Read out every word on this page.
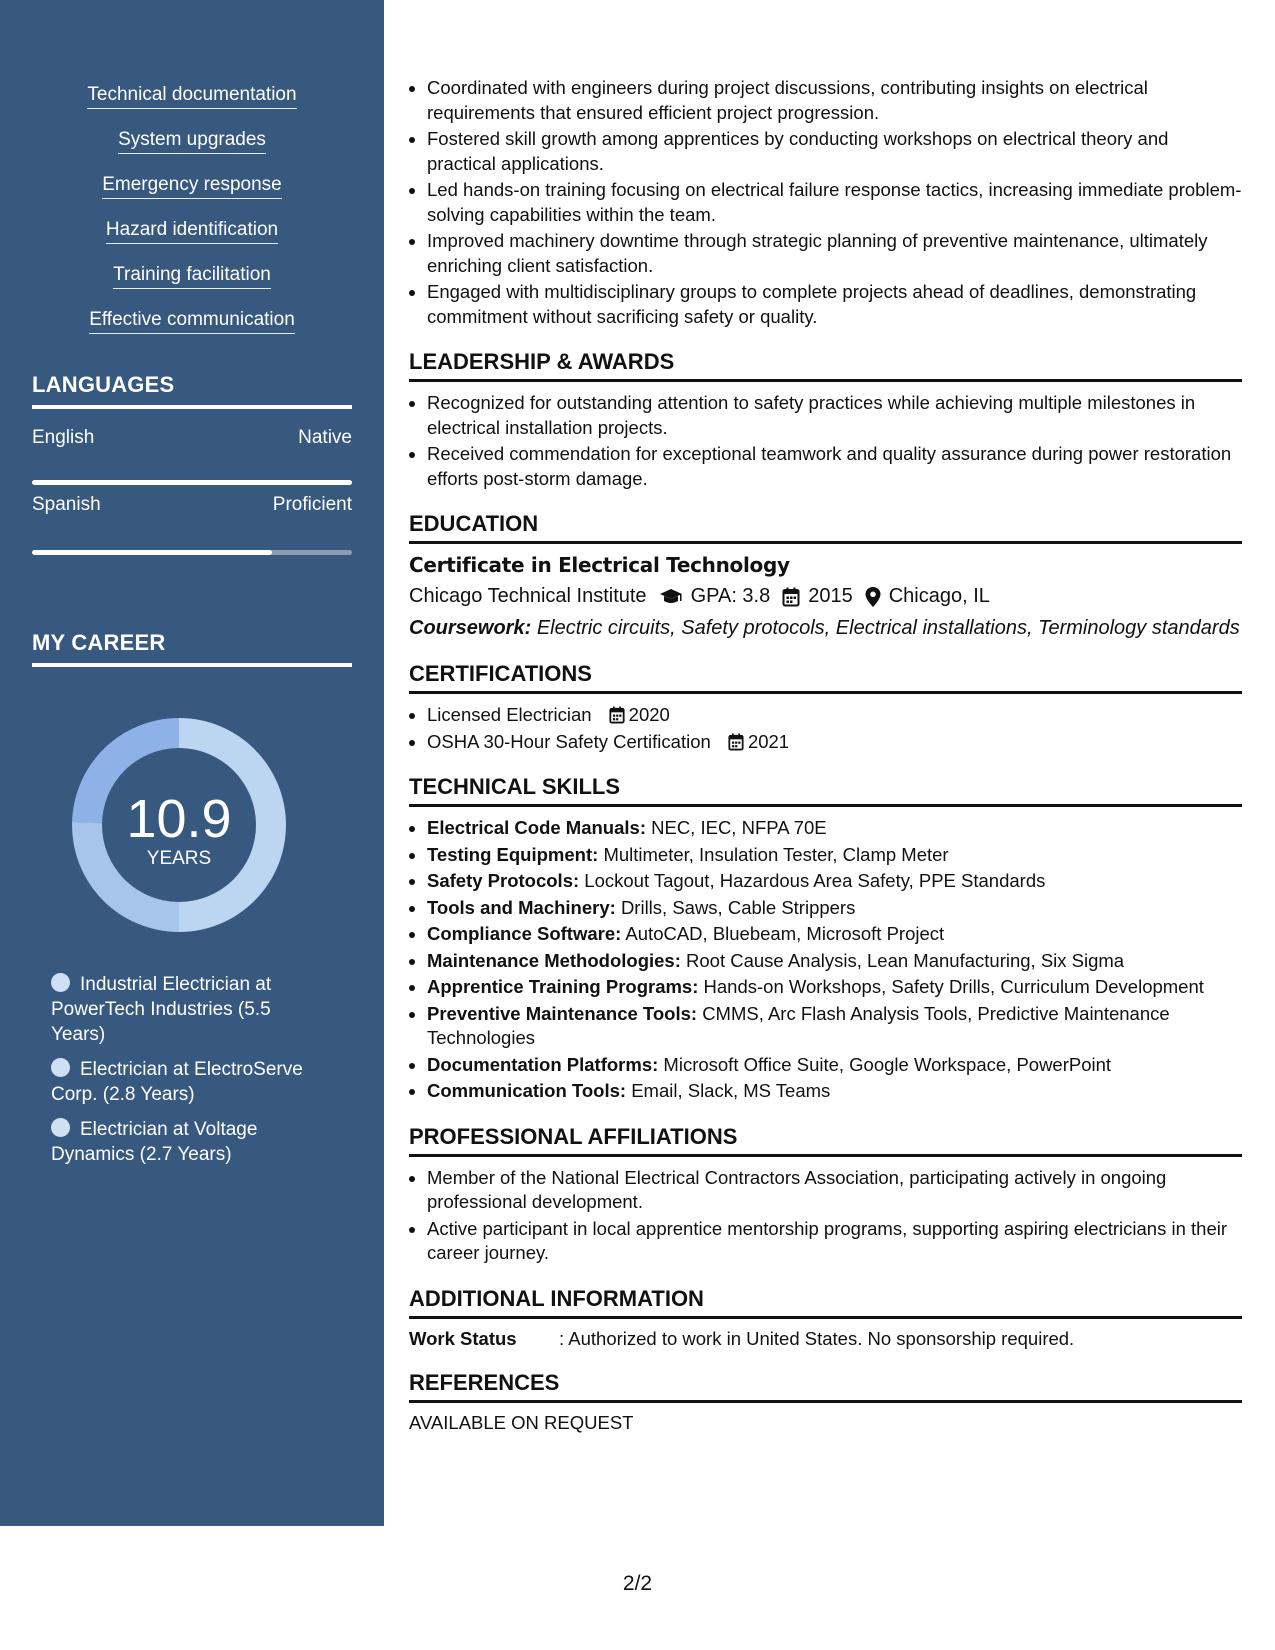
Technical documentation
System upgrades
Emergency response
Hazard identification
Training facilitation
Effective communication
LANGUAGES
English	Native
Spanish	Proficient
MY CAREER
10.9
YEARS
Industrial Electrician at PowerTech Industries (5.5 Years)
Electrician at ElectroServe Corp. (2.8 Years)
Electrician at Voltage Dynamics (2.7 Years)
• Coordinated with engineers during project discussions, contributing insights on electrical requirements that ensured efficient project progression.
• Fostered skill growth among apprentices by conducting workshops on electrical theory and practical applications.
• Led hands-on training focusing on electrical failure response tactics, increasing immediate problem-solving capabilities within the team.
• Improved machinery downtime through strategic planning of preventive maintenance, ultimately enriching client satisfaction.
• Engaged with multidisciplinary groups to complete projects ahead of deadlines, demonstrating commitment without sacrificing safety or quality.
LEADERSHIP & AWARDS
• Recognized for outstanding attention to safety practices while achieving multiple milestones in electrical installation projects.
• Received commendation for exceptional teamwork and quality assurance during power restoration efforts post-storm damage.
EDUCATION
Certificate in Electrical Technology
Chicago Technical Institute GPA: 3.8 2015 Chicago, IL
Coursework: Electric circuits, Safety protocols, Electrical installations, Terminology standards
CERTIFICATIONS
• Licensed Electrician 2020
• OSHA 30-Hour Safety Certification 2021
TECHNICAL SKILLS
• Electrical Code Manuals: NEC, IEC, NFPA 70E
• Testing Equipment: Multimeter, Insulation Tester, Clamp Meter
• Safety Protocols: Lockout Tagout, Hazardous Area Safety, PPE Standards
• Tools and Machinery: Drills, Saws, Cable Strippers
• Compliance Software: AutoCAD, Bluebeam, Microsoft Project
• Maintenance Methodologies: Root Cause Analysis, Lean Manufacturing, Six Sigma
• Apprentice Training Programs: Hands-on Workshops, Safety Drills, Curriculum Development
• Preventive Maintenance Tools: CMMS, Arc Flash Analysis Tools, Predictive Maintenance Technologies
• Documentation Platforms: Microsoft Office Suite, Google Workspace, PowerPoint
• Communication Tools: Email, Slack, MS Teams
PROFESSIONAL AFFILIATIONS
• Member of the National Electrical Contractors Association, participating actively in ongoing professional development.
• Active participant in local apprentice mentorship programs, supporting aspiring electricians in their career journey.
ADDITIONAL INFORMATION
Work Status	: Authorized to work in United States. No sponsorship required.
REFERENCES
AVAILABLE ON REQUEST
2/2
